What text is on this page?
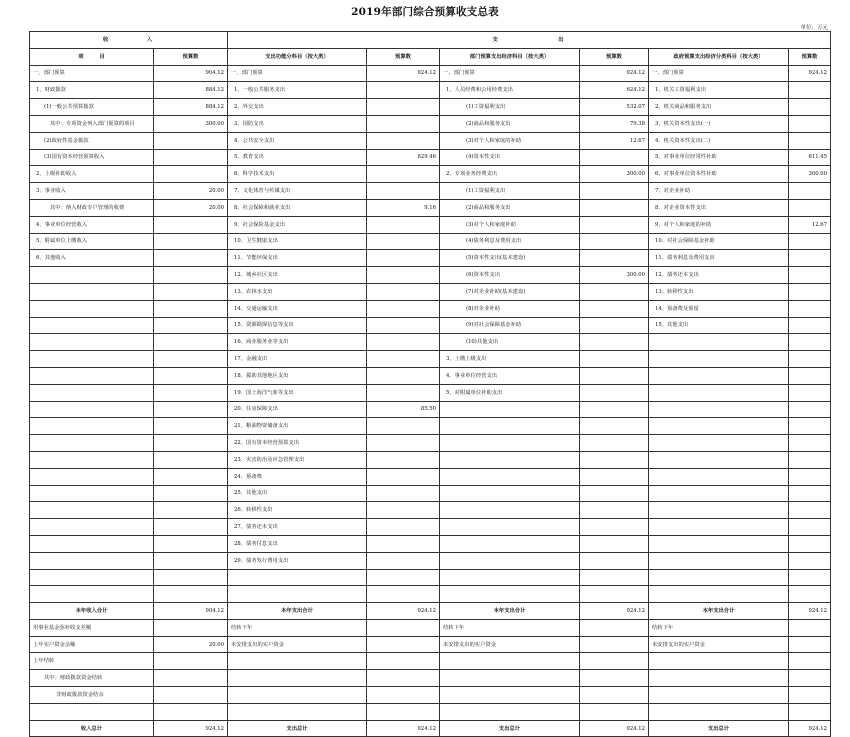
2019年部门综合预算收支总表
单位：万元
收　　　　　入		支　　　　　　　　出					
项　　　目	预算数	支出功能分科目（按大类）	预算数	部门预算支出经济科目（按大类）	预算数	政府预算支出经济分类科目（按大类）	预算数
一、部门预算	904.12	一、部门预算	924.12	一、部门预算	924.12	一、部门预算	924.12
1、财政拨款	884.12	1、一般公共服务支出		1、人员经费和公用经费支出	624.12	1、机关工资福利支出	
(1)一般公共预算拨款	884.12	2、外交支出		(1)工资福利支出	532.07	2、机关商品和服务支出	
其中：专项资金列入部门预算的项目	300.00	3、国防支出		(2)商品和服务支出	79.38	3、机关资本性支出(一)	
(2)政府性基金拨款		4、公共安全支出		(3)对个人和家庭的补助	12.67	4、机关资本性支出(二)	
(3)国有资本经营预算收入		5、教育支出	829.46	(4)资本性支出		5、对事业单位经常性补助	611.45
2、上级补助收入		6、科学技术支出		2、专项业务经费支出	300.00	6、对事业单位资本性补助	300.00
3、事业收入	20.00	7、文化体育与传媒支出		(1)工资福利支出		7、对企业补助	
其中：纳入财政专户管理的收费	20.00	8、社会保障和就业支出	9.16	(2)商品和服务支出		8、对企业资本性支出	
4、事业单位经营收入		9、社会保险基金支出		(3)对个人和家庭补助		9、对个人和家庭的补助	12.67
5、附属单位上缴收入		10、卫生健康支出		(4)债务利息及费用支出		10、对社会保障基金补助	
6、其他收入		11、节能环保支出		(5)资本性支出(基本建设)		11、债务利息及费用支出	
		12、城乡社区支出		(6)资本性支出	300.00	12、债务还本支出	
		13、农林水支出		(7)对企业补助(基本建设)		13、转移性支出	
		14、交通运输支出		(8)对企业补助		14、预备费及预留	
		15、资源勘探信息等支出		(9)对社会保障基金补助		15、其他支出	
		16、商业服务业等支出		(10)其他支出			
		17、金融支出		3、上缴上级支出			
		18、援助其他地区支出		4、事业单位经营支出			
		19、国土海洋气象等支出		5、对附属单位补助支出			
		20、住房保障支出	85.50				
		21、粮油物资储备支出					
		22、国有资本经营预算支出					
		23、灾害防治及应急管理支出					
		24、预备费					
		25、其他支出					
		26、转移性支出					
		27、债务还本支出					
		28、债务付息支出					
		29、债务发行费用支出					

本年收入合计	904.12	本年支出合计	924.12	本年支出合计	924.12	本年支出合计	924.12
用事业基金弥补收支差额		结转下年		结转下年		结转下年	
上年实户资金余额	20.00	未安排支出的实户资金		未安排支出的实户资金		未安排支出的实户资金	
上年结转							
其中：财政拨款资金结转							
非财政拨款资金结余							

收入总计	924.12	支出总计	924.12	支出总计	924.12	支出总计	924.12
